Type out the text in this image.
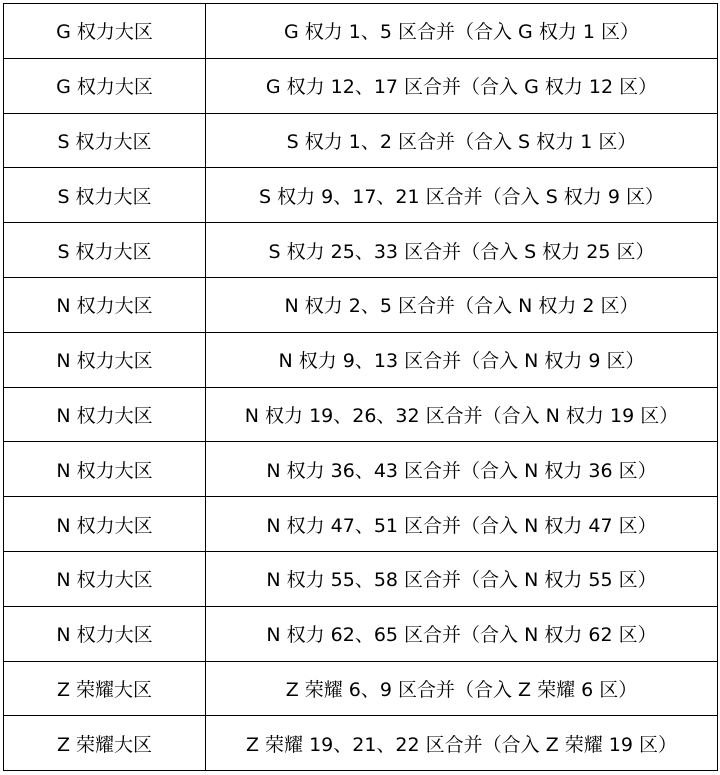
G 权力大区	G 权力 1、5 区合并（合入 G 权力 1 区）
G 权力大区	G 权力 12、17 区合并（合入 G 权力 12 区）
S 权力大区	S 权力 1、2 区合并（合入 S 权力 1 区）
S 权力大区	S 权力 9、17、21 区合并（合入 S 权力 9 区）
S 权力大区	S 权力 25、33 区合并（合入 S 权力 25 区）
N 权力大区	N 权力 2、5 区合并（合入 N 权力 2 区）
N 权力大区	N 权力 9、13 区合并（合入 N 权力 9 区）
N 权力大区	N 权力 19、26、32 区合并（合入 N 权力 19 区）
N 权力大区	N 权力 36、43 区合并（合入 N 权力 36 区）
N 权力大区	N 权力 47、51 区合并（合入 N 权力 47 区）
N 权力大区	N 权力 55、58 区合并（合入 N 权力 55 区）
N 权力大区	N 权力 62、65 区合并（合入 N 权力 62 区）
Z 荣耀大区	Z 荣耀 6、9 区合并（合入 Z 荣耀 6 区）
Z 荣耀大区	Z 荣耀 19、21、22 区合并（合入 Z 荣耀 19 区）
